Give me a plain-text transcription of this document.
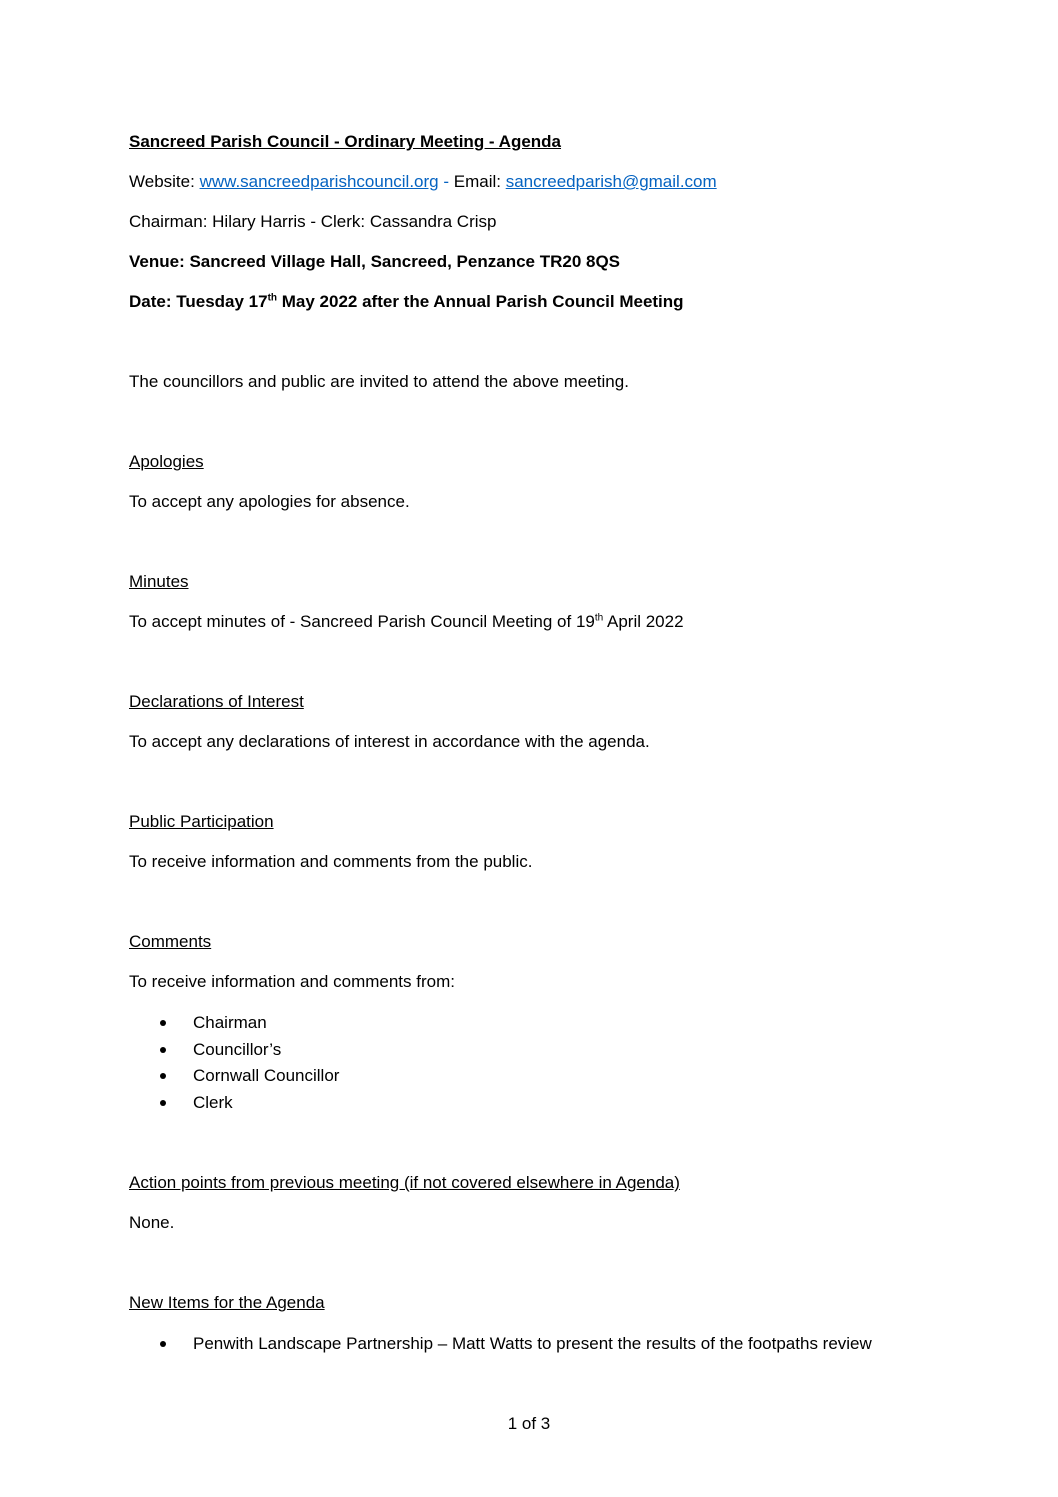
Sancreed Parish Council - Ordinary Meeting - Agenda
Website: www.sancreedparishcouncil.org - Email: sancreedparish@gmail.com
Chairman: Hilary Harris - Clerk: Cassandra Crisp
Venue: Sancreed Village Hall, Sancreed, Penzance TR20 8QS
Date: Tuesday 17th May 2022 after the Annual Parish Council Meeting
The councillors and public are invited to attend the above meeting.
Apologies
To accept any apologies for absence.
Minutes
To accept minutes of - Sancreed Parish Council Meeting of 19th April 2022
Declarations of Interest
To accept any declarations of interest in accordance with the agenda.
Public Participation
To receive information and comments from the public.
Comments
To receive information and comments from:
Chairman
Councillor’s
Cornwall Councillor
Clerk
Action points from previous meeting (if not covered elsewhere in Agenda)
None.
New Items for the Agenda
Penwith Landscape Partnership – Matt Watts to present the results of the footpaths review
1 of 3
